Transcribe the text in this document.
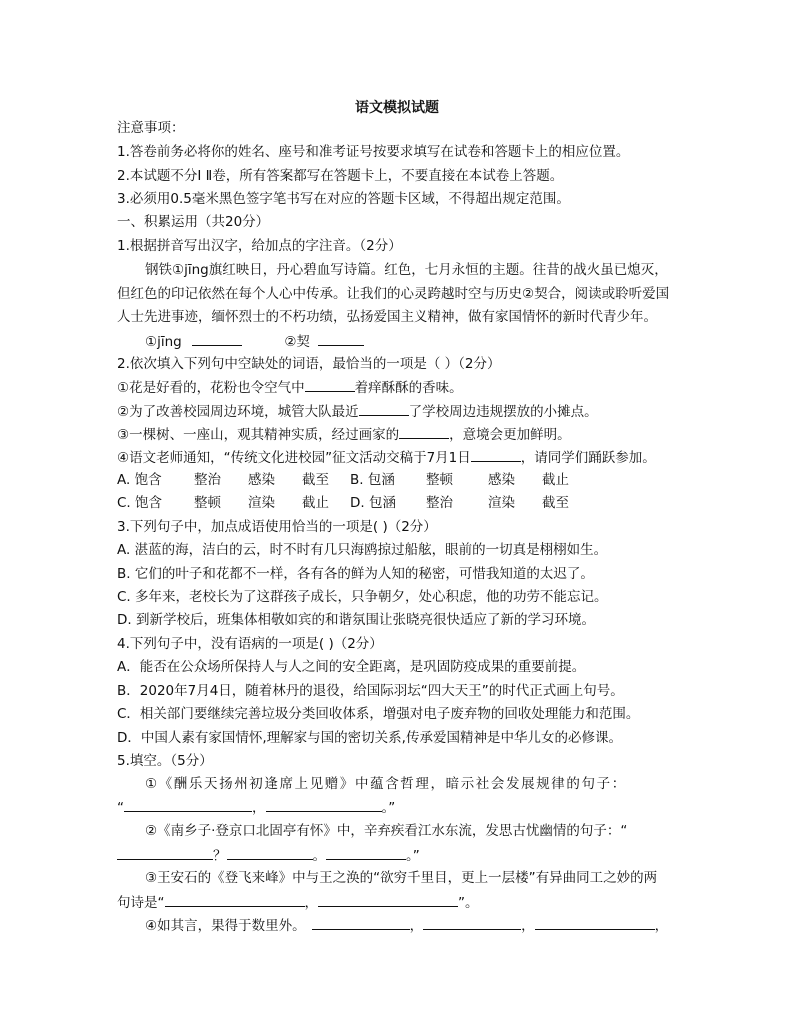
语文模拟试题
注意事项：
1.答卷前务必将你的姓名、座号和准考证号按要求填写在试卷和答题卡上的相应位置。
2.本试题不分Ⅰ Ⅱ卷，所有答案都写在答题卡上，不要直接在本试卷上答题。
3.必须用0.5毫米黑色签字笔书写在对应的答题卡区域，不得超出规定范围。
一、积累运用（共20分）
1.根据拼音写出汉字，给加点的字注音。（2分）
钢铁①jīng旗红映日，丹心碧血写诗篇。红色，七月永恒的主题。往昔的战火虽已熄灭，
但红色的印记依然在每个人心中传承。让我们的心灵跨越时空与历史②契合，阅读或聆听爱国
人士先进事迹，缅怀烈士的不朽功绩，弘扬爱国主义精神，做有家国情怀的新时代青少年。
①jīng	②契
2.依次填入下列句中空缺处的词语，最恰当的一项是（ ）（2分）
①花是好看的，花粉也令空气中	着痒酥酥的香味。
②为了改善校园周边环境，城管大队最近	了学校周边违规摆放的小摊点。
③一棵树、一座山，观其精神实质，经过画家的	，意境会更加鲜明。
④语文老师通知，“传统文化进校园”征文活动交稿于7月1日	，请同学们踊跃参加。
A. 饱含 整治 感染 截至 B. 包涵 整顿	感染 截止
C. 饱含 整顿 渲染 截止 D. 包涵 整治	渲染 截至
3.下列句子中，加点成语使用恰当的一项是( )（2分）
A. 湛蓝的海，洁白的云，时不时有几只海鸥掠过船舷，眼前的一切真是栩栩如生。
B. 它们的叶子和花都不一样，各有各的鲜为人知的秘密，可惜我知道的太迟了。
C. 多年来，老校长为了这群孩子成长，只争朝夕，处心积虑，他的功劳不能忘记。
D. 到新学校后，班集体相敬如宾的和谐氛围让张晓亮很快适应了新的学习环境。
4.下列句子中，没有语病的一项是( )（2分）
A．能否在公众场所保持人与人之间的安全距离，是巩固防疫成果的重要前提。
B．2020年7月4日，随着林丹的退役，给国际羽坛“四大天王”的时代正式画上句号。
C．相关部门要继续完善垃圾分类回收体系，增强对电子废弃物的回收处理能力和范围。
D．中国人素有家国情怀,理解家与国的密切关系,传承爱国精神是中华儿女的必修课。
5.填空。（5分）
①《酬乐天扬州初逢席上见赠》中蕴含哲理，暗示社会发展规律的句子：
“	，	。”
②《南乡子·登京口北固亭有怀》中，辛弃疾看江水东流，发思古忧幽情的句子：“
？	。	。”
③王安石的《登飞来峰》中与王之涣的“欲穷千里目，更上一层楼”有异曲同工之妙的两
句诗是“	，	”。
④如其言，果得于数里外。	，	，	，
